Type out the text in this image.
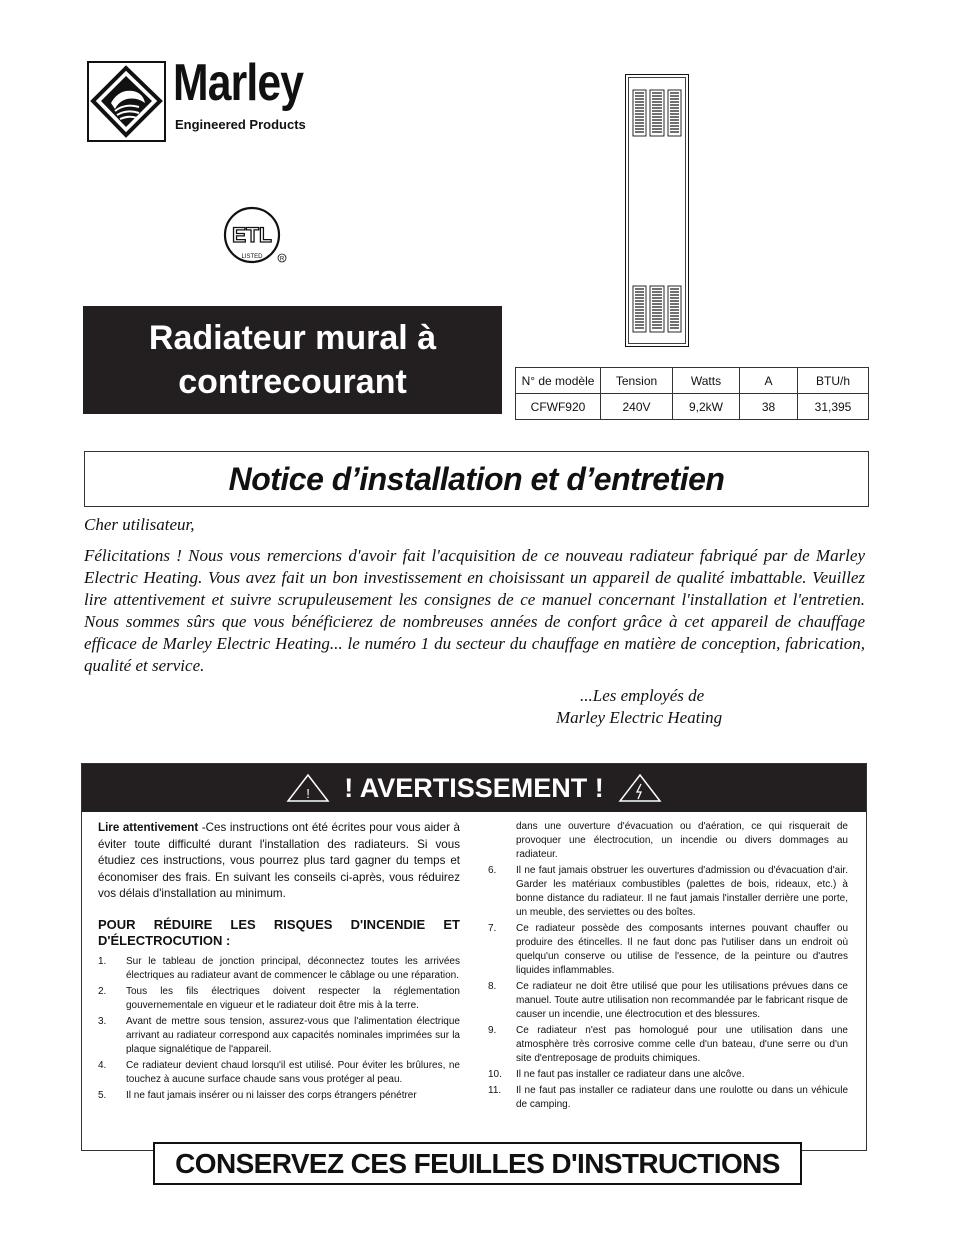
Marley
Engineered Products
ETL
LISTED	R
Radiateur mural à contrecourant	N° de modèle	Tension	Watts	A	BTU/h
CFWF920	240V	9,2kW	38	31,395
Notice d’installation et d’entretien
Cher utilisateur,
Félicitations ! Nous vous remercions d'avoir fait l'acquisition de ce nouveau radiateur fabriqué par de Marley Electric Heating. Vous avez fait un bon investissement en choisissant un appareil de qualité imbattable. Veuillez lire attentivement et suivre scrupuleusement les consignes de ce manuel concernant l'installation et l'entretien. Nous sommes sûrs que vous bénéficierez de nombreuses années de confort grâce à cet appareil de chauffage efficace de Marley Electric Heating... le numéro 1 du secteur du chauffage en matière de conception, fabrication, qualité et service.
...Les employés de
Marley Electric Heating
! ! AVERTISSEMENT !
Lire attentivement -Ces instructions ont été écrites pour vous aider à éviter toute difficulté durant l'installation des radiateurs. Si vous étudiez ces instructions, vous pourrez plus tard gagner du temps et économiser des frais. En suivant les conseils ci-après, vous réduirez vos délais d'installation au minimum.
POUR RÉDUIRE LES RISQUES D'INCENDIE ET D'ÉLECTROCUTION :
1. Sur le tableau de jonction principal, déconnectez toutes les arrivées électriques au radiateur avant de commencer le câblage ou une réparation.
2. Tous les fils électriques doivent respecter la réglementation gouvernementale en vigueur et le radiateur doit être mis à la terre.
3. Avant de mettre sous tension, assurez-vous que l'alimentation électrique arrivant au radiateur correspond aux capacités nominales imprimées sur la plaque signalétique de l'appareil.
4. Ce radiateur devient chaud lorsqu'il est utilisé. Pour éviter les brûlures, ne touchez à aucune surface chaude sans vous protéger al peau.
5. Il ne faut jamais insérer ou ni laisser des corps étrangers pénétrer
dans une ouverture d'évacuation ou d'aération, ce qui risquerait de provoquer une électrocution, un incendie ou divers dommages au radiateur.
6. Il ne faut jamais obstruer les ouvertures d'admission ou d'évacuation d'air. Garder les matériaux combustibles (palettes de bois, rideaux, etc.) à bonne distance du radiateur. Il ne faut jamais l'installer derrière une porte, un meuble, des serviettes ou des boîtes.
7. Ce radiateur possède des composants internes pouvant chauffer ou produire des étincelles. Il ne faut donc pas l'utiliser dans un endroit où quelqu'un conserve ou utilise de l'essence, de la peinture ou d'autres liquides inflammables.
8. Ce radiateur ne doit être utilisé que pour les utilisations prévues dans ce manuel. Toute autre utilisation non recommandée par le fabricant risque de causer un incendie, une électrocution et des blessures.
9. Ce radiateur n'est pas homologué pour une utilisation dans une atmosphère très corrosive comme celle d'un bateau, d'une serre ou d'un site d'entreposage de produits chimiques.
10. Il ne faut pas installer ce radiateur dans une alcôve.
11. Il ne faut pas installer ce radiateur dans une roulotte ou dans un véhicule de camping.
CONSERVEZ CES FEUILLES D'INSTRUCTIONS
